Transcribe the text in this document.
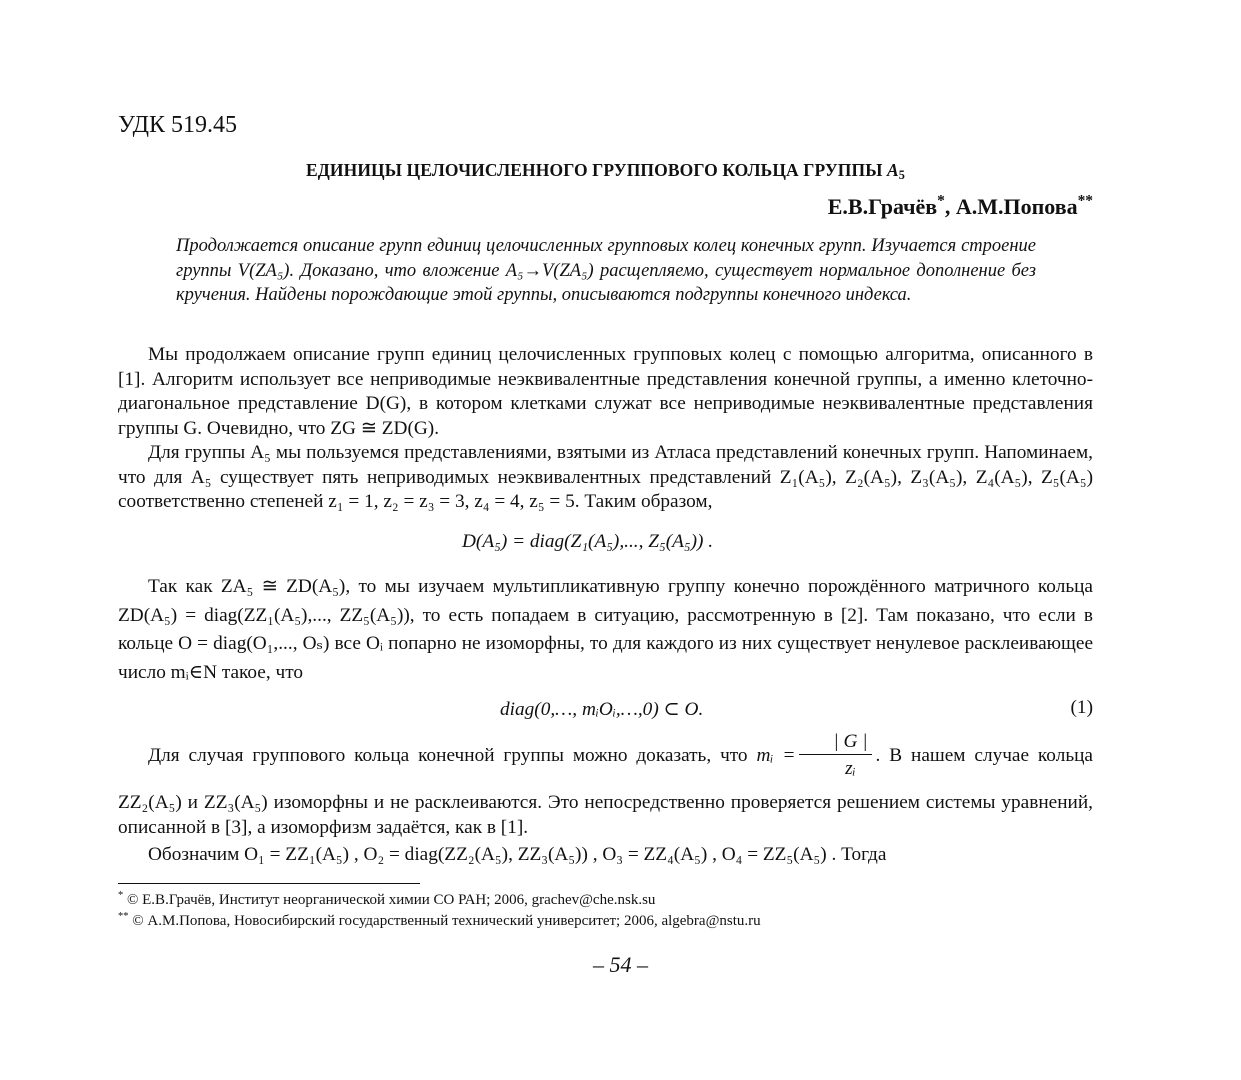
УДК 519.45
ЕДИНИЦЫ ЦЕЛОЧИСЛЕННОГО ГРУППОВОГО КОЛЬЦА ГРУППЫ $A_5$
Е.В.Грачёв*, А.М.Попова**
Продолжается описание групп единиц целочисленных групповых колец конечных групп. Изучается строение группы V(ZA₅). Доказано, что вложение A₅→V(ZA₅) расщепляемо, существует нормальное дополнение без кручения. Найдены порождающие этой группы, описываются подгруппы конечного индекса.
Мы продолжаем описание групп единиц целочисленных групповых колец с помощью алгоритма, описанного в [1]. Алгоритм использует все неприводимые неэквивалентные представления конечной группы, а именно клеточно-диагональное представление D(G), в котором клетками служат все неприводимые неэквивалентные представления группы G. Очевидно, что ZG ≅ ZD(G).
Для группы A₅ мы пользуемся представлениями, взятыми из Атласа представлений конечных групп. Напоминаем, что для A₅ существует пять неприводимых неэквивалентных представлений Z₁(A₅), Z₂(A₅), Z₃(A₅), Z₄(A₅), Z₅(A₅) соответственно степеней z₁ = 1, z₂ = z₃ = 3, z₄ = 4, z₅ = 5. Таким образом,
D(A₅) = diag(Z₁(A₅),..., Z₅(A₅)) .
Так как ZA₅ ≅ ZD(A₅), то мы изучаем мультипликативную группу конечно порождённого матричного кольца ZD(A₅) = diag(ZZ₁(A₅),..., ZZ₅(A₅)), то есть попадаем в ситуацию, рассмотренную в [2]. Там показано, что если в кольце O = diag(O₁,..., Oₛ) все Oᵢ попарно не изоморфны, то для каждого из них существует ненулевое расклеивающее число mᵢ∈N такое, что
diag(0,…, mᵢOᵢ,…,0) ⊂ O.	(1)
Для случая группового кольца конечной группы можно доказать, что mᵢ = $\frac{| G |}{\text{zᵢ}}$ . В нашем случае кольца
ZZ₂(A₅) и ZZ₃(A₅) изоморфны и не расклеиваются. Это непосредственно проверяется решением системы уравнений, описанной в [3], а изоморфизм задаётся, как в [1].
Обозначим O₁ = ZZ₁(A₅) , O₂ = diag(ZZ₂(A₅), ZZ₃(A₅)) , O₃ = ZZ₄(A₅) , O₄ = ZZ₅(A₅) . Тогда
* © Е.В.Грачёв, Институт неорганической химии СО РАН; 2006, grachev@che.nsk.su
** © А.М.Попова, Новосибирский государственный технический университет; 2006, algebra@nstu.ru
– 54 –
